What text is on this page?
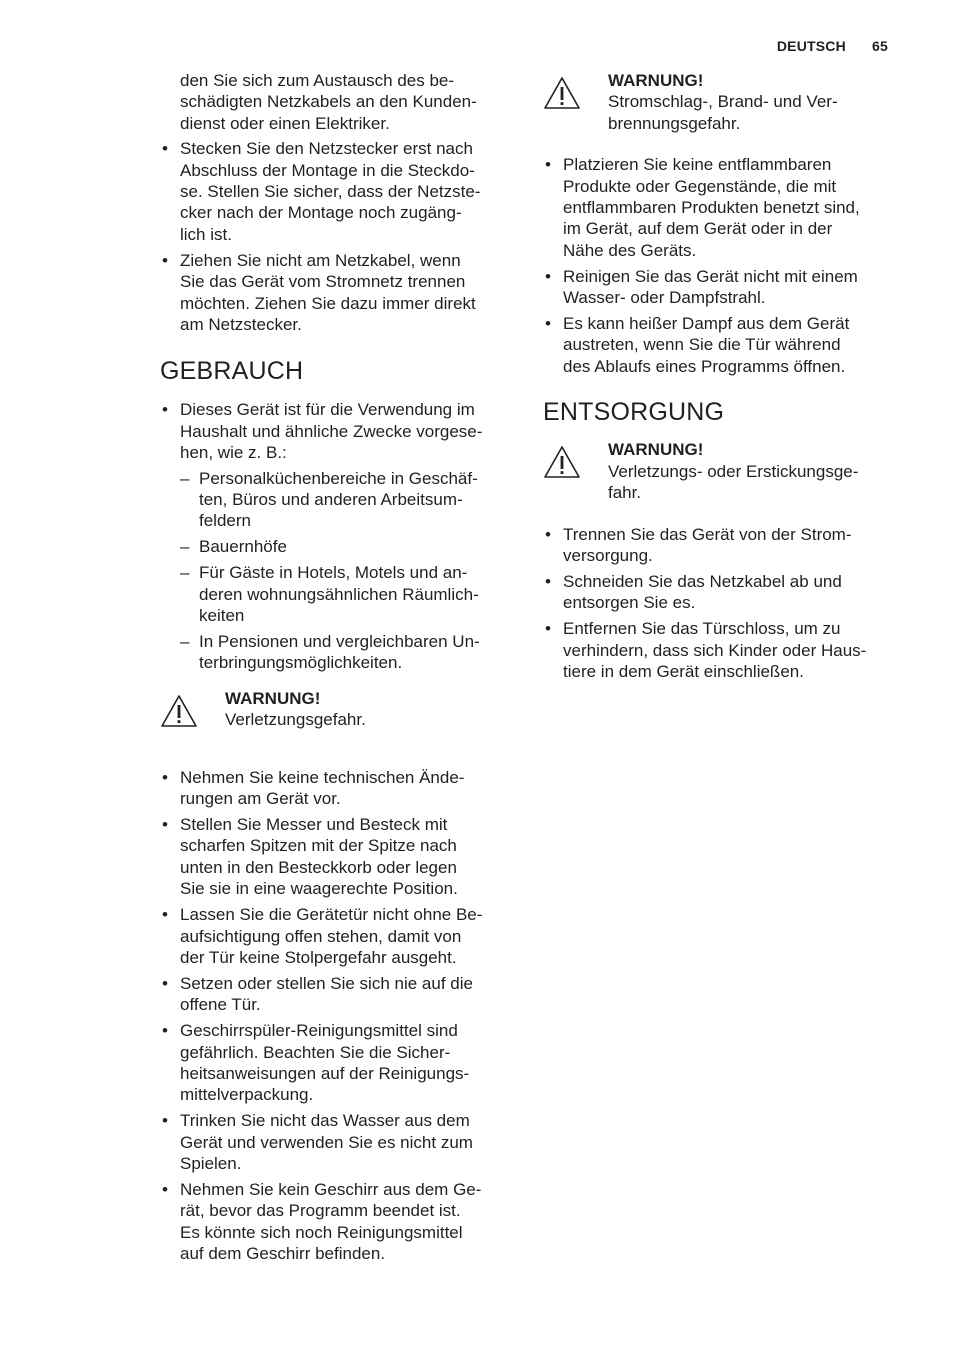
DEUTSCH 65

den Sie sich zum Austausch des be-
schädigten Netzkabels an den Kunden-
dienst oder einen Elektriker.

• Stecken Sie den Netzstecker erst nach
Abschluss der Montage in die Steckdo-
se. Stellen Sie sicher, dass der Netzste-
cker nach der Montage noch zugäng-
lich ist.
• Ziehen Sie nicht am Netzkabel, wenn
Sie das Gerät vom Stromnetz trennen
möchten. Ziehen Sie dazu immer direkt
am Netzstecker.
GEBRAUCH
• Dieses Gerät ist für die Verwendung im
Haushalt und ähnliche Zwecke vorgese-
hen, wie z. B.:
– Personalküchenbereiche in Geschäf-
ten, Büros und anderen Arbeitsum-
feldern
– Bauernhöfe
– Für Gäste in Hotels, Motels und an-
deren wohnungsähnlichen Räumlich-
keiten
– In Pensionen und vergleichbaren Un-
terbringungsmöglichkeiten.
WARNUNG!
Verletzungsgefahr.
• Nehmen Sie keine technischen Ände-
rungen am Gerät vor.
• Stellen Sie Messer und Besteck mit
scharfen Spitzen mit der Spitze nach
unten in den Besteckkorb oder legen
Sie sie in eine waagerechte Position.
• Lassen Sie die Gerätetür nicht ohne Be-
aufsichtigung offen stehen, damit von
der Tür keine Stolpergefahr ausgeht.
• Setzen oder stellen Sie sich nie auf die
offene Tür.
• Geschirrspüler-Reinigungsmittel sind
gefährlich. Beachten Sie die Sicher-
heitsanweisungen auf der Reinigungs-
mittelverpackung.
• Trinken Sie nicht das Wasser aus dem
Gerät und verwenden Sie es nicht zum
Spielen.
• Nehmen Sie kein Geschirr aus dem Ge-
rät, bevor das Programm beendet ist.
Es könnte sich noch Reinigungsmittel
auf dem Geschirr befinden.
WARNUNG!
Stromschlag-, Brand- und Ver-
brennungsgefahr.
• Platzieren Sie keine entflammbaren
Produkte oder Gegenstände, die mit
entflammbaren Produkten benetzt sind,
im Gerät, auf dem Gerät oder in der
Nähe des Geräts.
• Reinigen Sie das Gerät nicht mit einem
Wasser- oder Dampfstrahl.
• Es kann heißer Dampf aus dem Gerät
austreten, wenn Sie die Tür während
des Ablaufs eines Programms öffnen.
ENTSORGUNG
WARNUNG!
Verletzungs- oder Erstickungsge-
fahr.
• Trennen Sie das Gerät von der Strom-
versorgung.
• Schneiden Sie das Netzkabel ab und
entsorgen Sie es.
• Entfernen Sie das Türschloss, um zu
verhindern, dass sich Kinder oder Haus-
tiere in dem Gerät einschließen.
